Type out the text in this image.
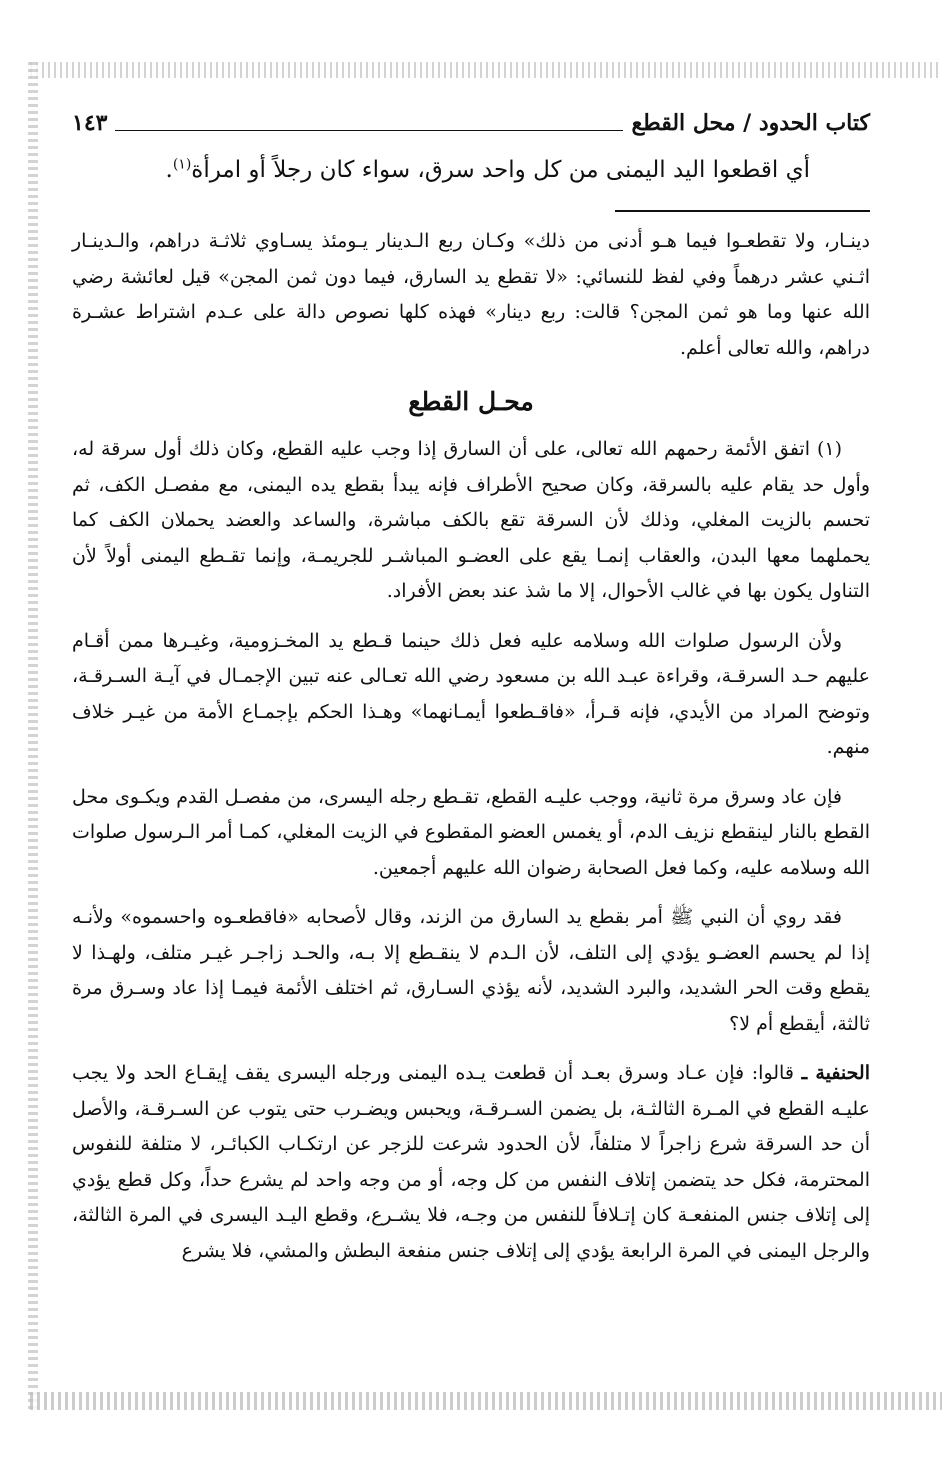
كتاب الحدود / محل القطع
١٤٣

أي اقطعوا اليد اليمنى من كل واحد سرق، سواء كان رجلاً أو امرأة$^{(١)}$.

دينـار، ولا تقطعـوا فيما هـو أدنى من ذلك» وكـان ربع الـدينار يـومئذ يسـاوي ثلاثـة دراهم، والـدينـار اثـني عشر درهماً وفي لفظ للنسائي: «لا تقطع يد السارق، فيما دون ثمن المجن» قيل لعائشة رضي الله عنها وما هو ثمن المجن؟ قالت: ربع دينار» فهذه كلها نصوص دالة على عـدم اشتراط عشـرة دراهم، والله تعالى أعلم.

محـل القطع

(١) اتفق الأئمة رحمهم الله تعالى، على أن السارق إذا وجب عليه القطع، وكان ذلك أول سرقة له، وأول حد يقام عليه بالسرقة، وكان صحيح الأطراف فإنه يبدأ بقطع يده اليمنى، مع مفصـل الكف، ثم تحسم بالزيت المغلي، وذلك لأن السرقة تقع بالكف مباشرة، والساعد والعضد يحملان الكف كما يحملهما معها البدن، والعقاب إنمـا يقع على العضـو المباشـر للجريمـة، وإنما تقـطع اليمنى أولاً لأن التناول يكون بها في غالب الأحوال، إلا ما شذ عند بعض الأفراد.

ولأن الرسول صلوات الله وسلامه عليه فعل ذلك حينما قـطع يد المخـزومية، وغيـرها ممن أقـام عليهم حـد السرقـة، وقراءة عبـد الله بن مسعود رضي الله تعـالى عنه تبين الإجمـال في آيـة السـرقـة، وتوضح المراد من الأيدي، فإنه قـرأ، «فاقـطعوا أيمـانهما» وهـذا الحكم بإجمـاع الأمة من غيـر خلاف منهم.

فإن عاد وسرق مرة ثانية، ووجب عليـه القطع، تقـطع رجله اليسرى، من مفصـل القدم ويكـوى محل القطع بالنار لينقطع نزيف الدم، أو يغمس العضو المقطوع في الزيت المغلي، كمـا أمر الـرسول صلوات الله وسلامه عليه، وكما فعل الصحابة رضوان الله عليهم أجمعين.

فقد روي أن النبي ﷺ أمر بقطع يد السارق من الزند، وقال لأصحابه «فاقطعـوه واحسموه» ولأنـه إذا لم يحسم العضـو يؤدي إلى التلف، لأن الـدم لا ينقـطع إلا بـه، والحـد زاجـر غيـر متلف، ولهـذا لا يقطع وقت الحر الشديد، والبرد الشديد، لأنه يؤذي السـارق، ثم اختلف الأئمة فيمـا إذا عاد وسـرق مرة ثالثة، أيقطع أم لا؟

الحنفية ـ قالوا: فإن عـاد وسرق بعـد أن قطعت يـده اليمنى ورجله اليسرى يقف إيقـاع الحد ولا يجب عليـه القطع في المـرة الثالثـة، بل يضمن السـرقـة، ويحبس ويضـرب حتى يتوب عن السـرقـة، والأصل أن حد السرقة شرع زاجراً لا متلفاً، لأن الحدود شرعت للزجر عن ارتكـاب الكبائـر، لا متلفة للنفوس المحترمة، فكل حد يتضمن إتلاف النفس من كل وجه، أو من وجه واحد لم يشرع حداً، وكل قطع يؤدي إلى إتلاف جنس المنفعـة كان إتـلافاً للنفس من وجـه، فلا يشـرع، وقطع اليـد اليسرى في المرة الثالثة، والرجل اليمنى في المرة الرابعة يؤدي إلى إتلاف جنس منفعة البطش والمشي، فلا يشرع
